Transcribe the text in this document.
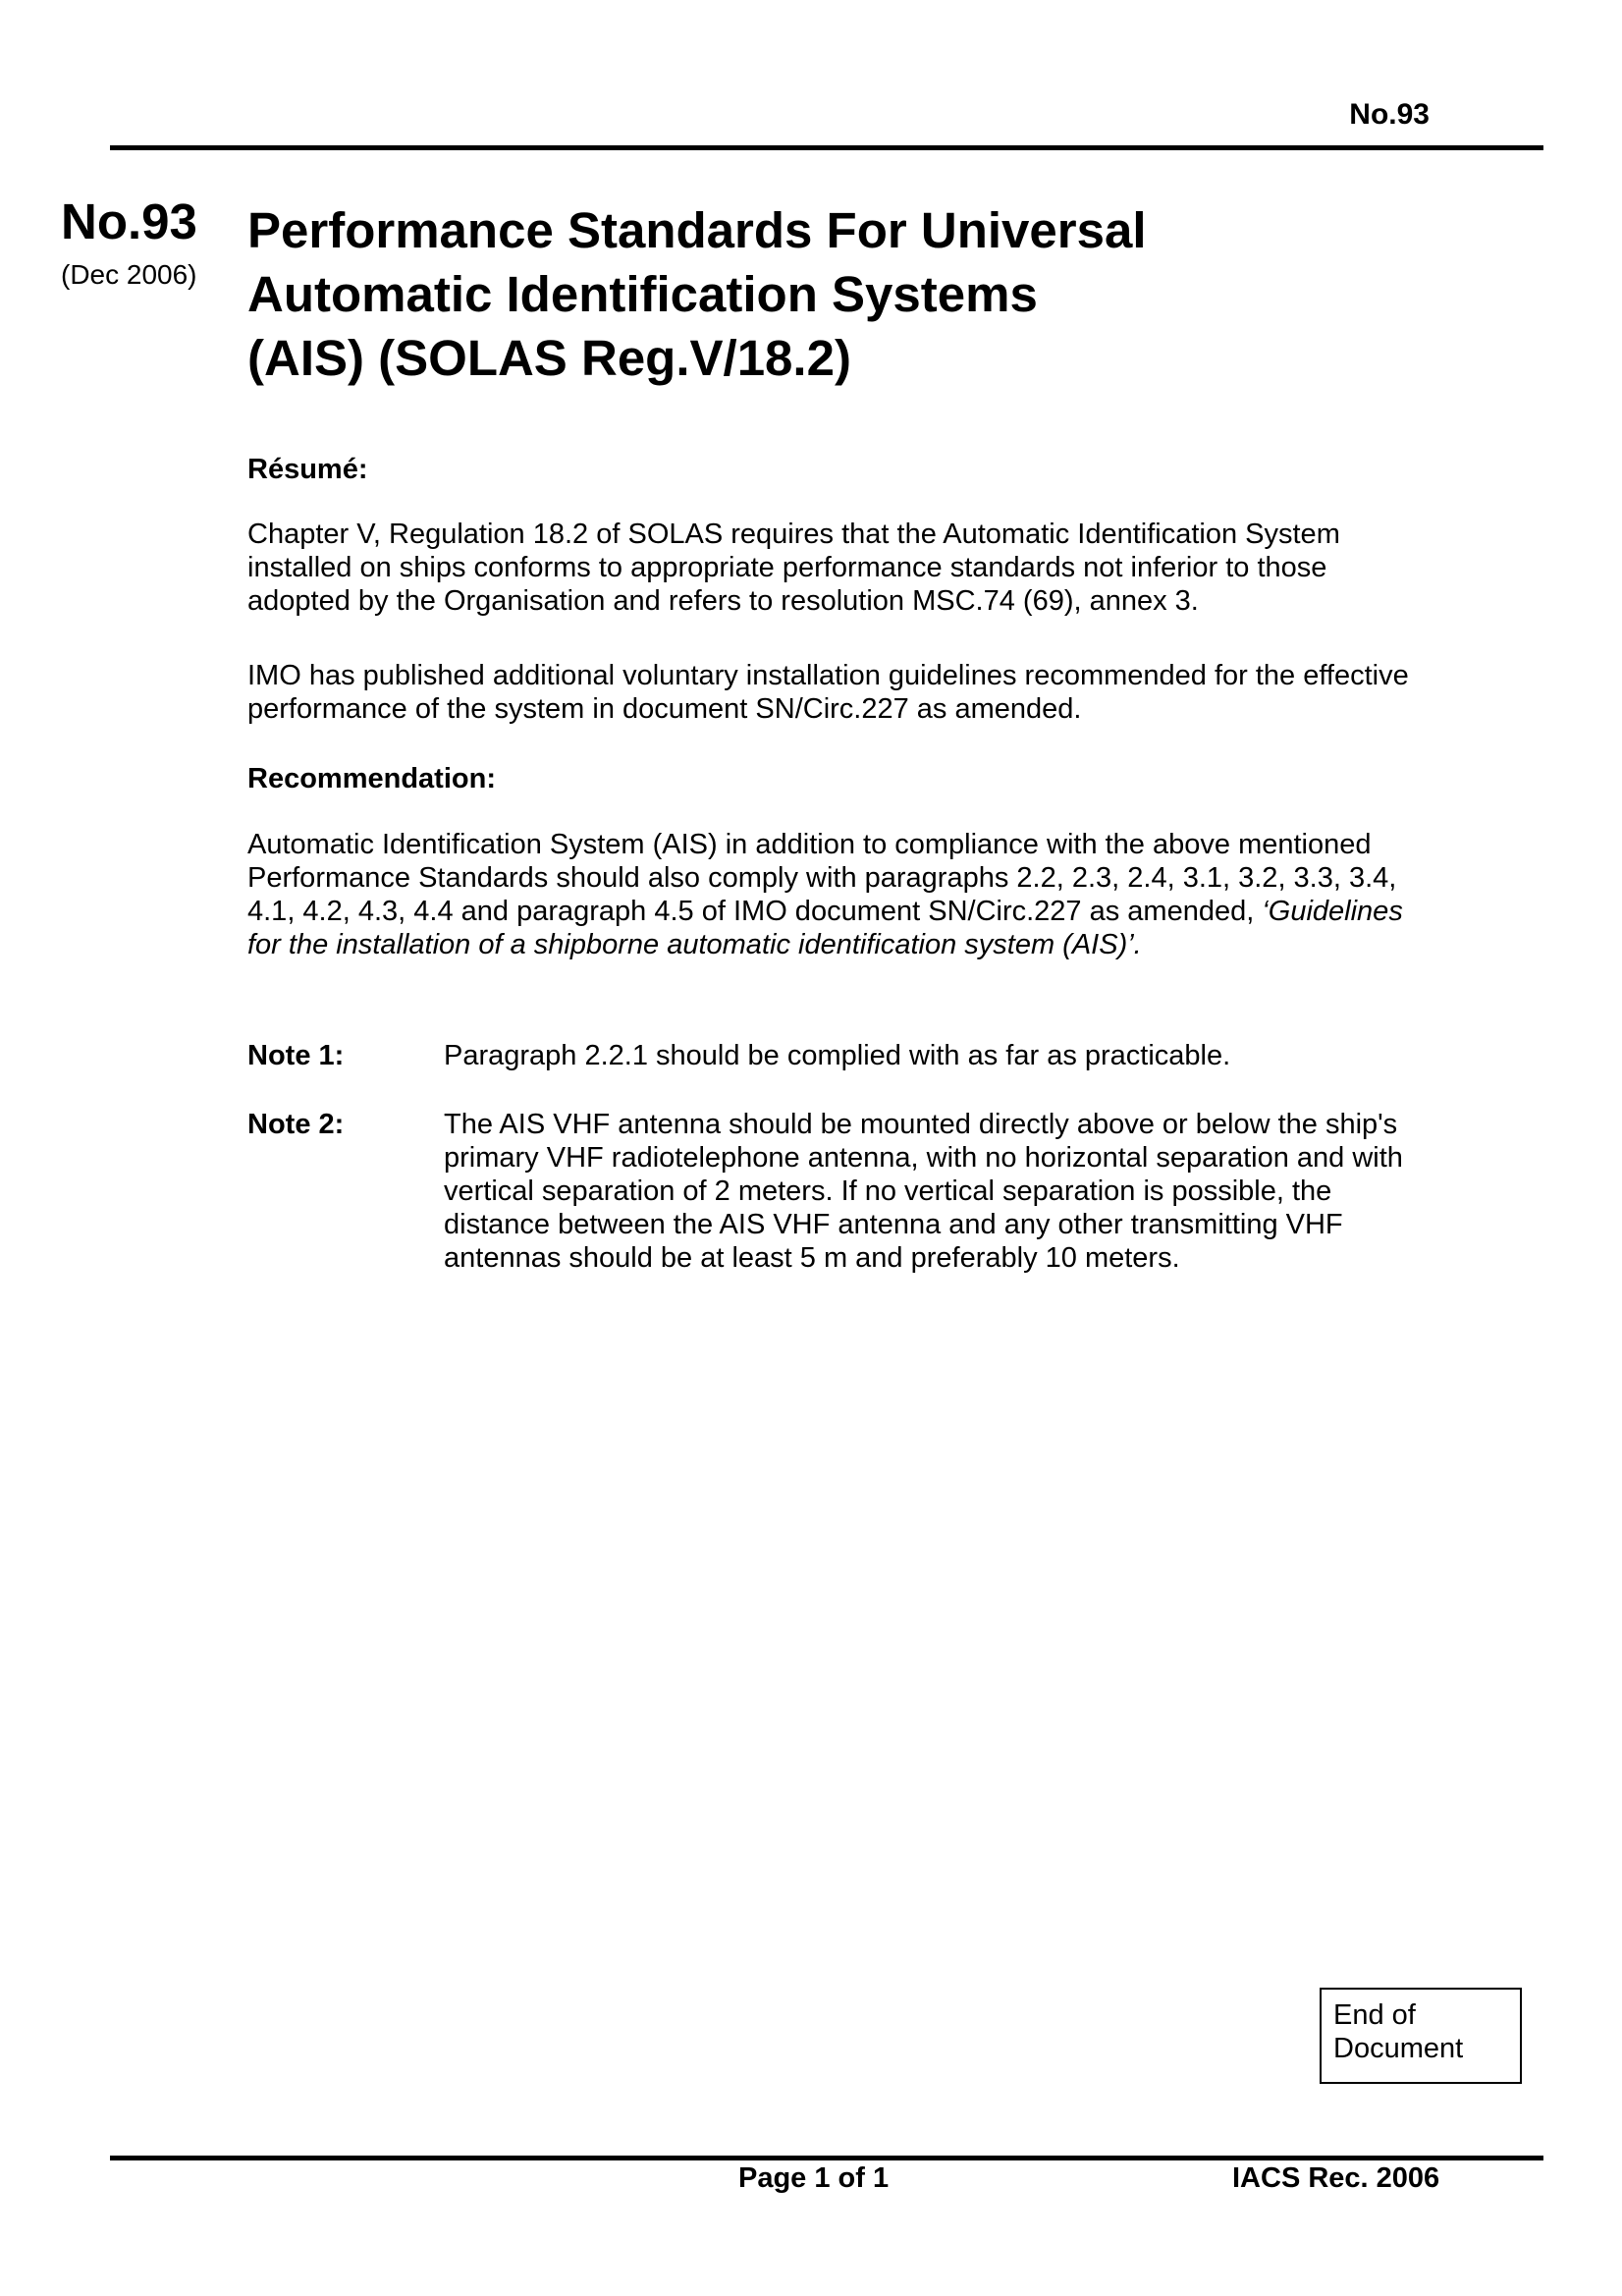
No.93
No.93
(Dec 2006)
Performance Standards For Universal
Automatic Identification Systems
(AIS) (SOLAS Reg.V/18.2)
Résumé:
Chapter V, Regulation 18.2 of SOLAS requires that the Automatic Identification System
installed on ships conforms to appropriate performance standards not inferior to those
adopted by the Organisation and refers to resolution MSC.74 (69), annex 3.
IMO has published additional voluntary installation guidelines recommended for the effective
performance of the system in document SN/Circ.227 as amended.
Recommendation:
Automatic Identification System (AIS) in addition to compliance with the above mentioned
Performance Standards should also comply with paragraphs 2.2, 2.3, 2.4, 3.1, 3.2, 3.3, 3.4,
4.1, 4.2, 4.3, 4.4 and paragraph 4.5 of IMO document SN/Circ.227 as amended, ‘Guidelines
for the installation of a shipborne automatic identification system (AIS)’.
Note 1:	Paragraph 2.2.1 should be complied with as far as practicable.
Note 2:	The AIS VHF antenna should be mounted directly above or below the ship's
primary VHF radiotelephone antenna, with no horizontal separation and with
vertical separation of 2 meters. If no vertical separation is possible, the
distance between the AIS VHF antenna and any other transmitting VHF
antennas should be at least 5 m and preferably 10 meters.
End of
Document
Page 1 of 1	IACS Rec. 2006
